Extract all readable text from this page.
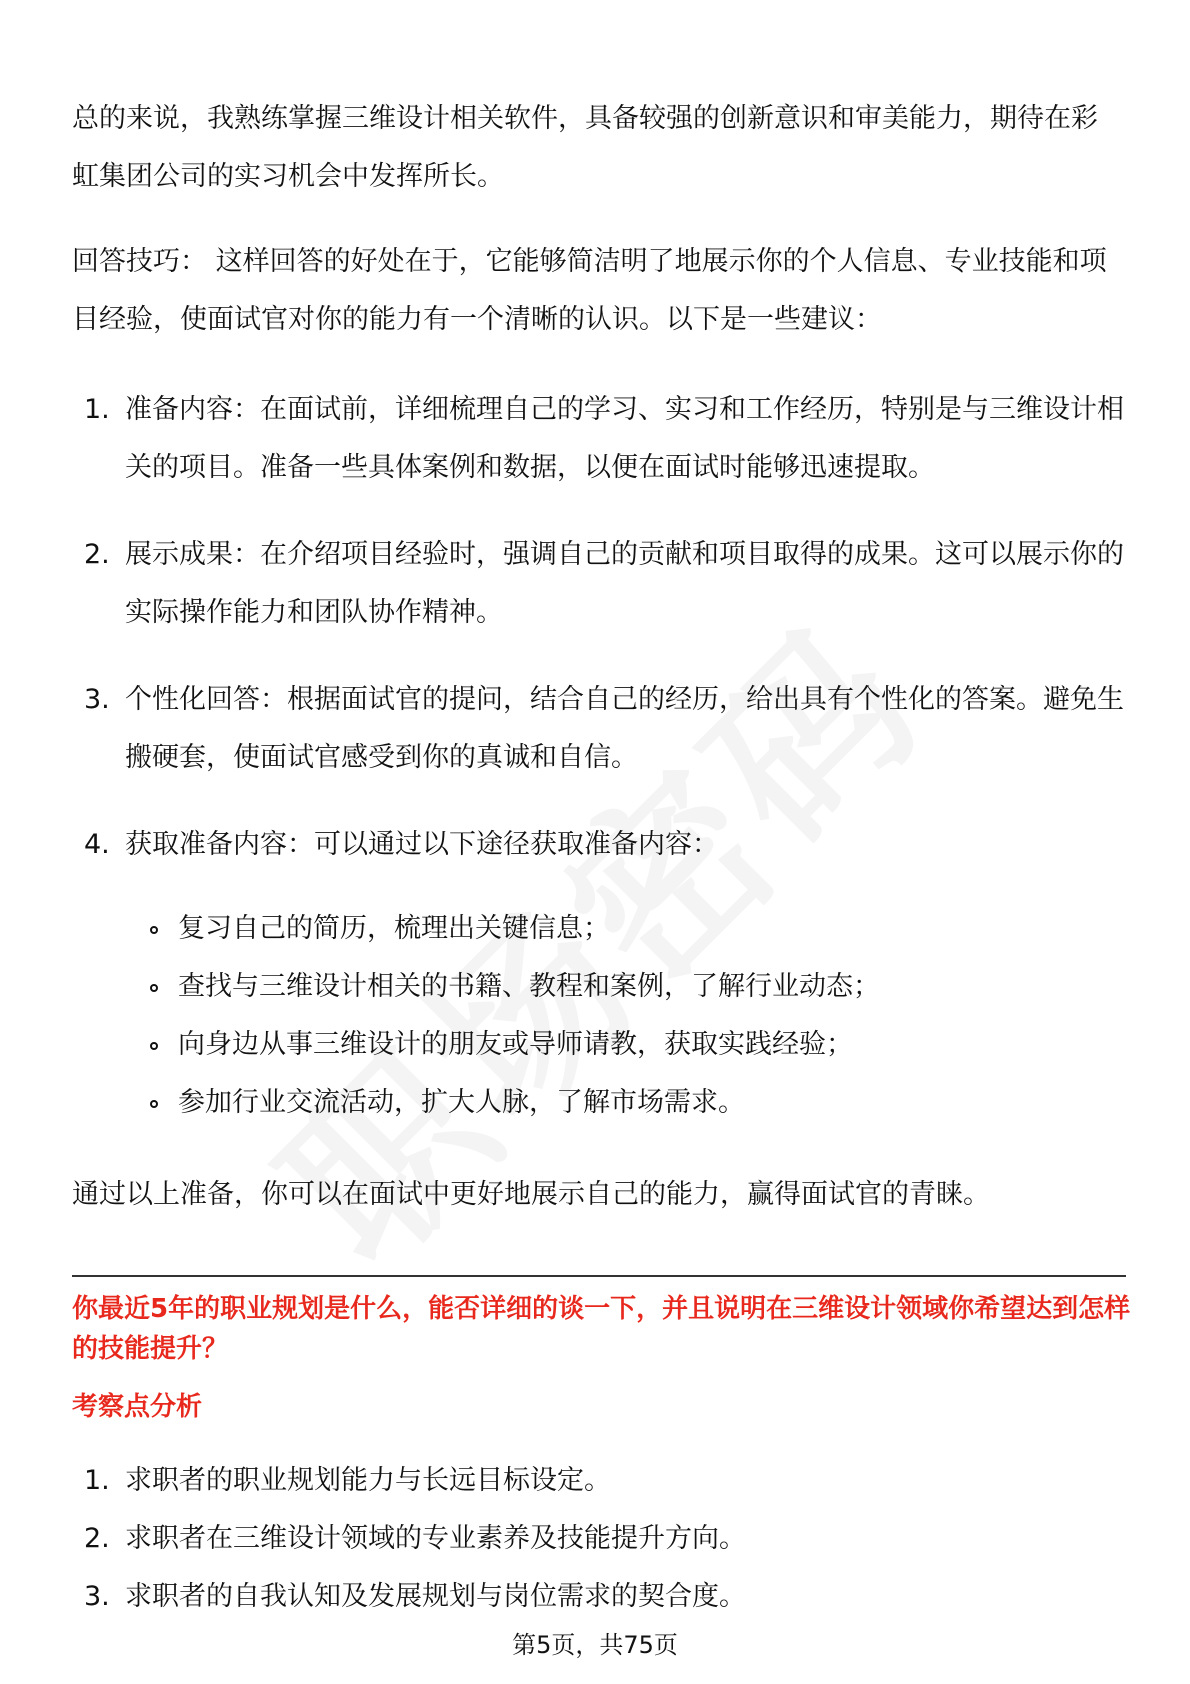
总的来说，我熟练掌握三维设计相关软件，具备较强的创新意识和审美能力，期待在彩虹集团公司的实习机会中发挥所长。

回答技巧： 这样回答的好处在于，它能够简洁明了地展示你的个人信息、专业技能和项目经验，使面试官对你的能力有一个清晰的认识。以下是一些建议：

1. 准备内容：在面试前，详细梳理自己的学习、实习和工作经历，特别是与三维设计相关的项目。准备一些具体案例和数据，以便在面试时能够迅速提取。
2. 展示成果：在介绍项目经验时，强调自己的贡献和项目取得的成果。这可以展示你的实际操作能力和团队协作精神。
3. 个性化回答：根据面试官的提问，结合自己的经历，给出具有个性化的答案。避免生搬硬套，使面试官感受到你的真诚和自信。
4. 获取准备内容：可以通过以下途径获取准备内容：
复习自己的简历，梳理出关键信息；
查找与三维设计相关的书籍、教程和案例，了解行业动态；
向身边从事三维设计的朋友或导师请教，获取实践经验；
参加行业交流活动，扩大人脉，了解市场需求。

通过以上准备，你可以在面试中更好地展示自己的能力，赢得面试官的青睐。

你最近5年的职业规划是什么，能否详细的谈一下，并且说明在三维设计领域你希望达到怎样的技能提升？
考察点分析
1. 求职者的职业规划能力与长远目标设定。
2. 求职者在三维设计领域的专业素养及技能提升方向。
3. 求职者的自我认知及发展规划与岗位需求的契合度。
第5页，共75页
